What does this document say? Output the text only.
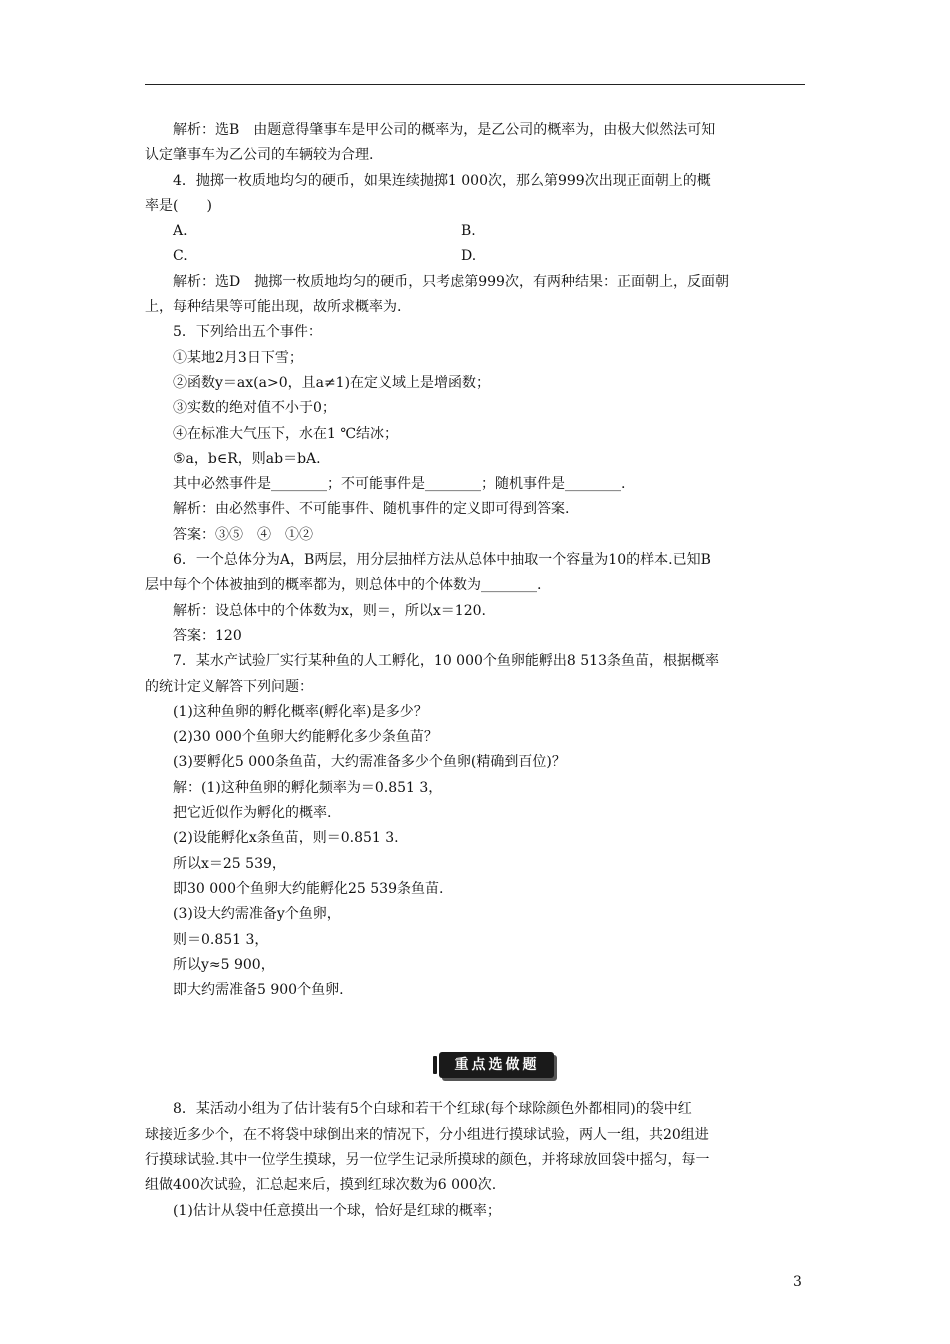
解析：选B　由题意得肇事车是甲公司的概率为，是乙公司的概率为，由极大似然法可知
认定肇事车为乙公司的车辆较为合理.
4．抛掷一枚质地均匀的硬币，如果连续抛掷1 000次，那么第999次出现正面朝上的概
率是(　　)
A.	B.
C.	D.
解析：选D　抛掷一枚质地均匀的硬币，只考虑第999次，有两种结果：正面朝上，反面朝
上，每种结果等可能出现，故所求概率为.
5．下列给出五个事件：
①某地2月3日下雪；
②函数y＝ax(a>0，且a≠1)在定义域上是增函数；
③实数的绝对值不小于0；
④在标准大气压下，水在1 ℃结冰；
⑤a，b∈R，则ab＝bA.
其中必然事件是________；不可能事件是________；随机事件是________.
解析：由必然事件、不可能事件、随机事件的定义即可得到答案.
答案：③⑤　④　①②
6．一个总体分为A，B两层，用分层抽样方法从总体中抽取一个容量为10的样本.已知B
层中每个个体被抽到的概率都为，则总体中的个体数为________.
解析：设总体中的个体数为x，则＝，所以x＝120.
答案：120
7．某水产试验厂实行某种鱼的人工孵化，10 000个鱼卵能孵出8 513条鱼苗，根据概率
的统计定义解答下列问题：
(1)这种鱼卵的孵化概率(孵化率)是多少？
(2)30 000个鱼卵大约能孵化多少条鱼苗？
(3)要孵化5 000条鱼苗，大约需准备多少个鱼卵(精确到百位)？
解：(1)这种鱼卵的孵化频率为＝0.851 3，
把它近似作为孵化的概率.
(2)设能孵化x条鱼苗，则＝0.851 3.
所以x＝25 539，
即30 000个鱼卵大约能孵化25 539条鱼苗.
(3)设大约需准备y个鱼卵，
则＝0.851 3，
所以y≈5 900，
即大约需准备5 900个鱼卵.
重点选做题
8．某活动小组为了估计装有5个白球和若干个红球(每个球除颜色外都相同)的袋中红
球接近多少个，在不将袋中球倒出来的情况下，分小组进行摸球试验，两人一组，共20组进
行摸球试验.其中一位学生摸球，另一位学生记录所摸球的颜色，并将球放回袋中摇匀，每一
组做400次试验，汇总起来后，摸到红球次数为6 000次.
(1)估计从袋中任意摸出一个球，恰好是红球的概率；
3
